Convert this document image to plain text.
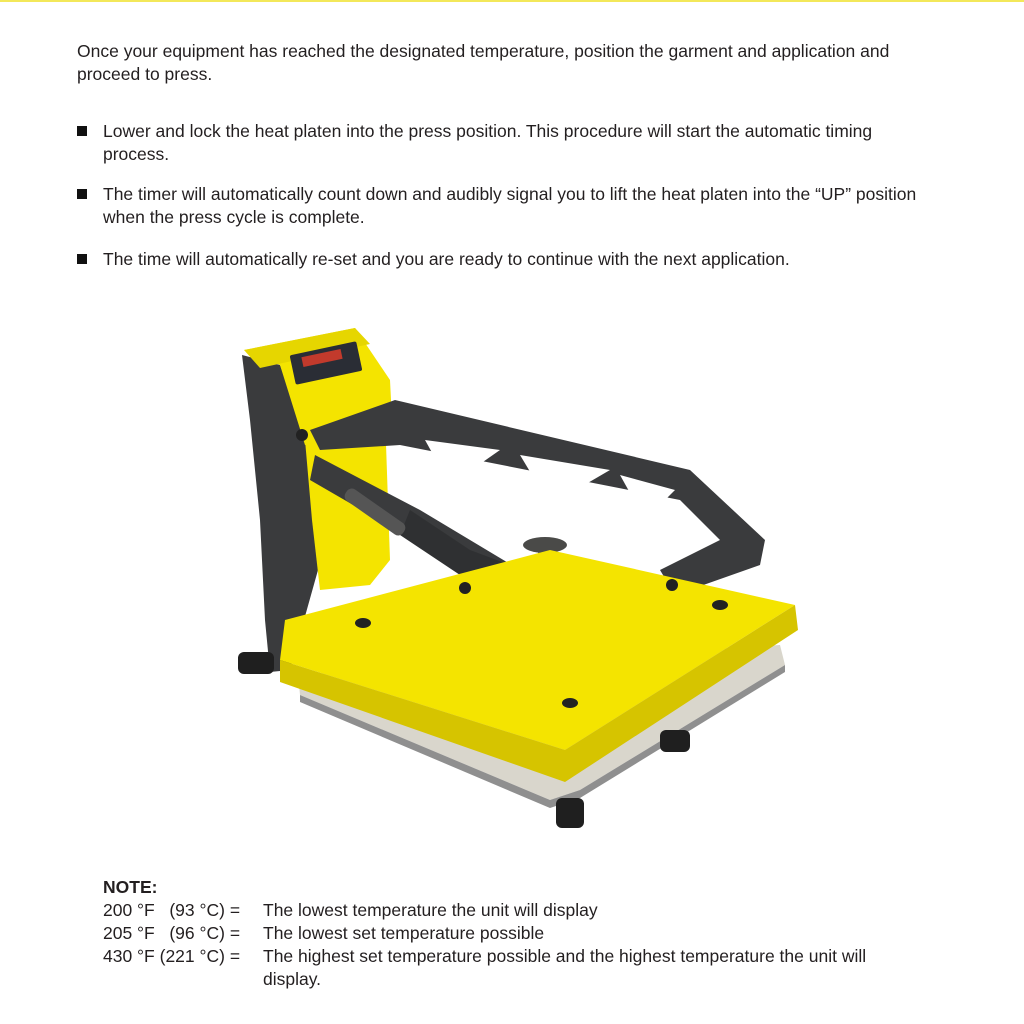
Once your equipment has reached the designated temperature, position the garment and application and proceed to press.

Lower and lock the heat platen into the press position. This procedure will start the automatic timing process.
The timer will automatically count down and audibly signal you to lift the heat platen into the “UP” position when the press cycle is complete.
The time will automatically re-set and you are ready to continue with the next application.
NOTE:
200 °F   (93 °C) =	The lowest temperature the unit will display
205 °F   (96 °C) =	The lowest set temperature possible
430 °F (221 °C) =	The highest set temperature possible and the highest temperature the unit will display.
